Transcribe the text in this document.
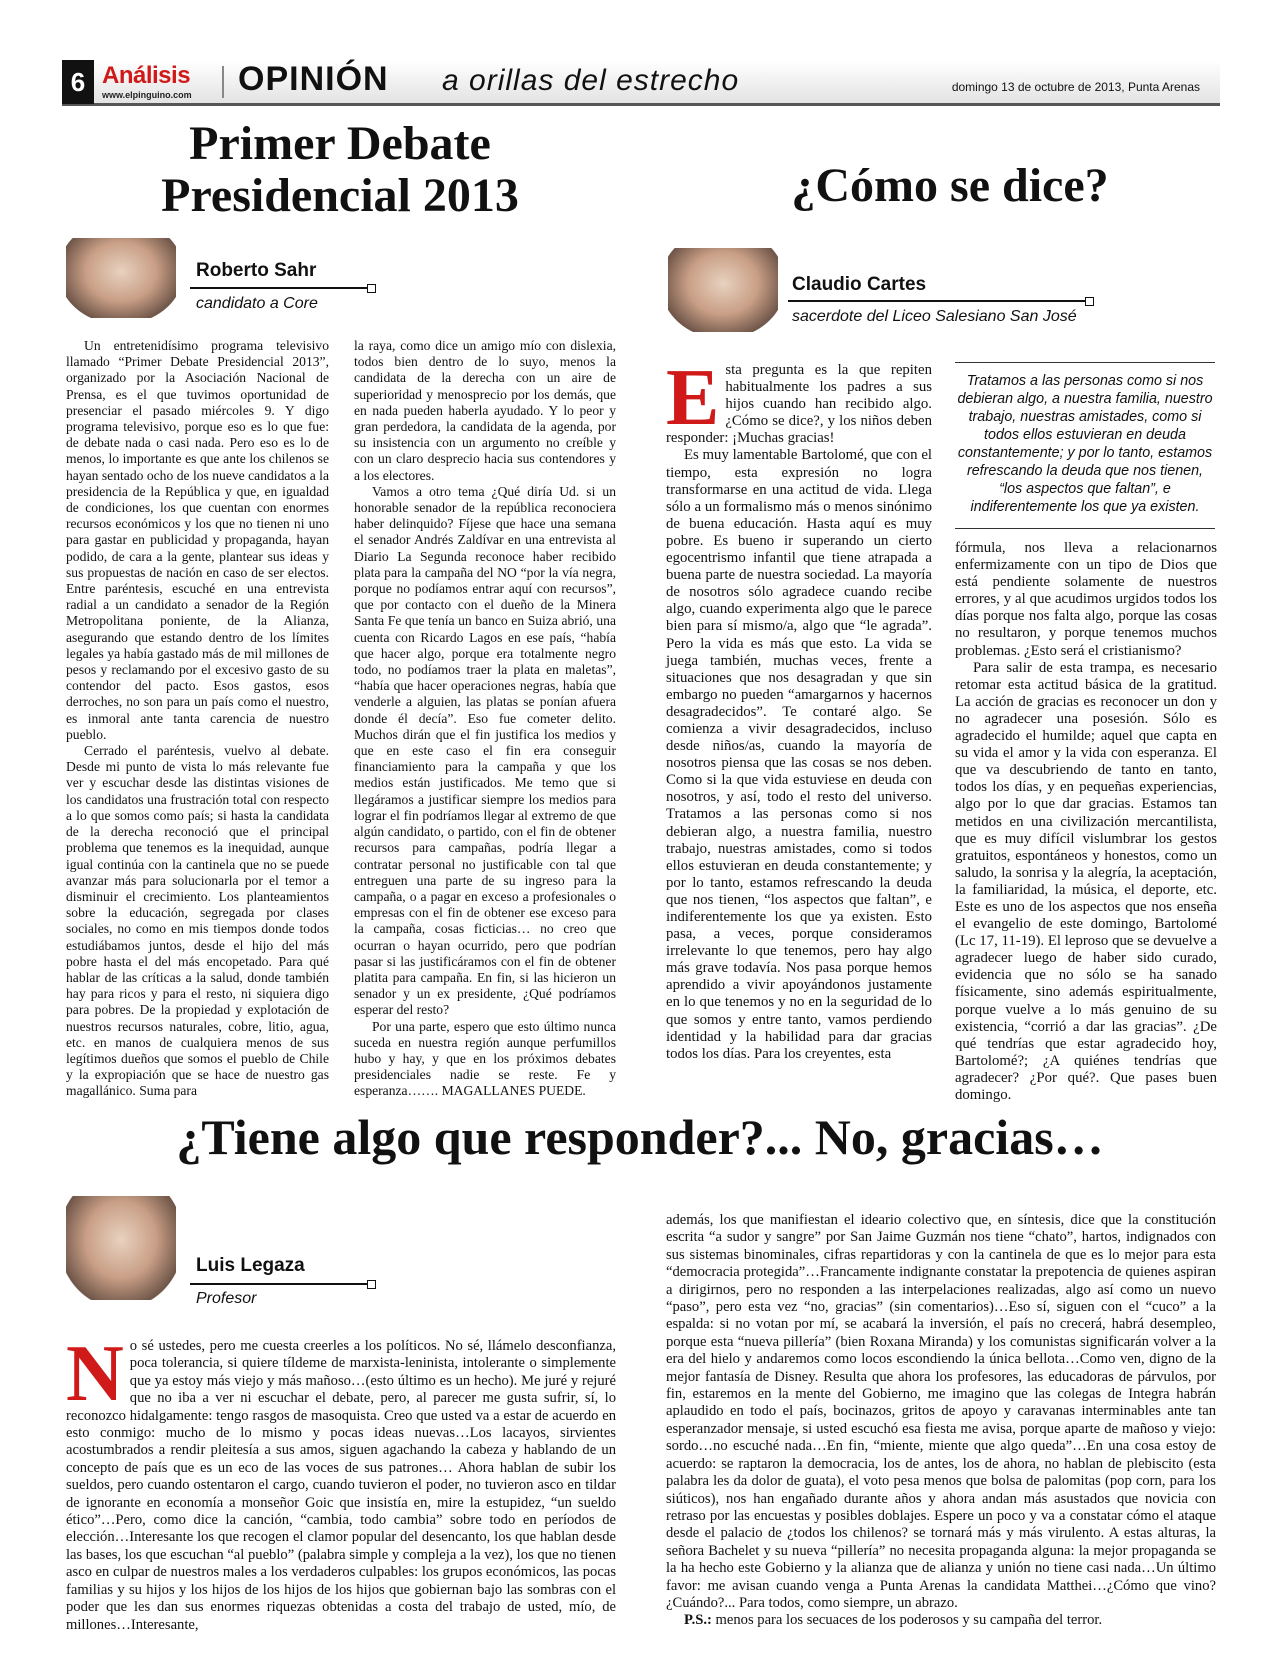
6 Análisis
www.elpinguino.com OPINIÓN a orillas del estrecho	domingo 13 de octubre de 2013, Punta Arenas
Primer Debate Presidencial 2013
Roberto Sahr
candidato a Core

Un entretenidísimo programa televisivo llamado “Primer Debate Presidencial 2013”, organizado por la Asociación Nacional de Prensa, es el que tuvimos oportunidad de presenciar el pasado miércoles 9. Y digo programa televisivo, porque eso es lo que fue: de debate nada o casi nada. Pero eso es lo de menos, lo importante es que ante los chilenos se hayan sentado ocho de los nueve candidatos a la presidencia de la República y que, en igualdad de condiciones, los que cuentan con enormes recursos económicos y los que no tienen ni uno para gastar en publicidad y propaganda, hayan podido, de cara a la gente, plantear sus ideas y sus propuestas de nación en caso de ser electos. Entre paréntesis, escuché en una entrevista radial a un candidato a senador de la Región Metropolitana poniente, de la Alianza, asegurando que estando dentro de los límites legales ya había gastado más de mil millones de pesos y reclamando por el excesivo gasto de su contendor del pacto. Esos gastos, esos derroches, no son para un país como el nuestro, es inmoral ante tanta carencia de nuestro pueblo.

Cerrado el paréntesis, vuelvo al debate. Desde mi punto de vista lo más relevante fue ver y escuchar desde las distintas visiones de los candidatos una frustración total con respecto a lo que somos como país; si hasta la candidata de la derecha reconoció que el principal problema que tenemos es la inequidad, aunque igual continúa con la cantinela que no se puede avanzar más para solucionarla por el temor a disminuir el crecimiento. Los planteamientos sobre la educación, segregada por clases sociales, no como en mis tiempos donde todos estudiábamos juntos, desde el hijo del más pobre hasta el del más encopetado. Para qué hablar de las críticas a la salud, donde también hay para ricos y para el resto, ni siquiera digo para pobres. De la propiedad y explotación de nuestros recursos naturales, cobre, litio, agua, etc. en manos de cualquiera menos de sus legítimos dueños que somos el pueblo de Chile y la expropiación que se hace de nuestro gas magallánico. Suma para

la raya, como dice un amigo mío con dislexia, todos bien dentro de lo suyo, menos la candidata de la derecha con un aire de superioridad y menosprecio por los demás, que en nada pueden haberla ayudado. Y lo peor y gran perdedora, la candidata de la agenda, por su insistencia con un argumento no creíble y con un claro desprecio hacia sus contendores y a los electores.

Vamos a otro tema ¿Qué diría Ud. si un honorable senador de la república reconociera haber delinquido? Fíjese que hace una semana el senador Andrés Zaldívar en una entrevista al Diario La Segunda reconoce haber recibido plata para la campaña del NO “por la vía negra, porque no podíamos entrar aquí con recursos”, que por contacto con el dueño de la Minera Santa Fe que tenía un banco en Suiza abrió, una cuenta con Ricardo Lagos en ese país, “había que hacer algo, porque era totalmente negro todo, no podíamos traer la plata en maletas”, “había que hacer operaciones negras, había que venderle a alguien, las platas se ponían afuera donde él decía”. Eso fue cometer delito. Muchos dirán que el fin justifica los medios y que en este caso el fin era conseguir financiamiento para la campaña y que los medios están justificados. Me temo que si llegáramos a justificar siempre los medios para lograr el fin podríamos llegar al extremo de que algún candidato, o partido, con el fin de obtener recursos para campañas, podría llegar a contratar personal no justificable con tal que entreguen una parte de su ingreso para la campaña, o a pagar en exceso a profesionales o empresas con el fin de obtener ese exceso para la campaña, cosas ficticias… no creo que ocurran o hayan ocurrido, pero que podrían pasar si las justificáramos con el fin de obtener platita para campaña. En fin, si las hicieron un senador y un ex presidente, ¿Qué podríamos esperar del resto?

Por una parte, espero que esto último nunca suceda en nuestra región aunque perfumillos hubo y hay, y que en los próximos debates presidenciales nadie se reste. Fe y esperanza……. MAGALLANES PUEDE.

¿Cómo se dice?
Claudio Cartes
sacerdote del Liceo Salesiano San José

Esta pregunta es la que repiten habitualmente los padres a sus hijos cuando han recibido algo. ¿Cómo se dice?, y los niños deben responder: ¡Muchas gracias!

Es muy lamentable Bartolomé, que con el tiempo, esta expresión no logra transformarse en una actitud de vida. Llega sólo a un formalismo más o menos sinónimo de buena educación. Hasta aquí es muy pobre. Es bueno ir superando un cierto egocentrismo infantil que tiene atrapada a buena parte de nuestra sociedad. La mayoría de nosotros sólo agradece cuando recibe algo, cuando experimenta algo que le parece bien para sí mismo/a, algo que “le agrada”. Pero la vida es más que esto. La vida se juega también, muchas veces, frente a situaciones que nos desagradan y que sin embargo no pueden “amargarnos y hacernos desagradecidos”. Te contaré algo. Se comienza a vivir desagradecidos, incluso desde niños/as, cuando la mayoría de nosotros piensa que las cosas se nos deben. Como si la que vida estuviese en deuda con nosotros, y así, todo el resto del universo. Tratamos a las personas como si nos debieran algo, a nuestra familia, nuestro trabajo, nuestras amistades, como si todos ellos estuvieran en deuda constantemente; y por lo tanto, estamos refrescando la deuda que nos tienen, “los aspectos que faltan”, e indiferentemente los que ya existen. Esto pasa, a veces, porque consideramos irrelevante lo que tenemos, pero hay algo más grave todavía. Nos pasa porque hemos aprendido a vivir apoyándonos justamente en lo que tenemos y no en la seguridad de lo que somos y entre tanto, vamos perdiendo identidad y la habilidad para dar gracias todos los días. Para los creyentes, esta

Tratamos a las personas como si nos debieran algo, a nuestra familia, nuestro trabajo, nuestras amistades, como si todos ellos estuvieran en deuda constantemente; y por lo tanto, estamos refrescando la deuda que nos tienen, “los aspectos que faltan”, e indiferentemente los que ya existen.

fórmula, nos lleva a relacionarnos enfermizamente con un tipo de Dios que está pendiente solamente de nuestros errores, y al que acudimos urgidos todos los días porque nos falta algo, porque las cosas no resultaron, y porque tenemos muchos problemas. ¿Esto será el cristianismo?

Para salir de esta trampa, es necesario retomar esta actitud básica de la gratitud. La acción de gracias es reconocer un don y no agradecer una posesión. Sólo es agradecido el humilde; aquel que capta en su vida el amor y la vida con esperanza. El que va descubriendo de tanto en tanto, todos los días, y en pequeñas experiencias, algo por lo que dar gracias. Estamos tan metidos en una civilización mercantilista, que es muy difícil vislumbrar los gestos gratuitos, espontáneos y honestos, como un saludo, la sonrisa y la alegría, la aceptación, la familiaridad, la música, el deporte, etc. Este es uno de los aspectos que nos enseña el evangelio de este domingo, Bartolomé (Lc 17, 11-19). El leproso que se devuelve a agradecer luego de haber sido curado, evidencia que no sólo se ha sanado físicamente, sino además espiritualmente, porque vuelve a lo más genuino de su existencia, “corrió a dar las gracias”. ¿De qué tendrías que estar agradecido hoy, Bartolomé?; ¿A quiénes tendrías que agradecer? ¿Por qué?. Que pases buen domingo.

¿Tiene algo que responder?... No, gracias…
Luis Legaza
Profesor

No sé ustedes, pero me cuesta creerles a los políticos. No sé, llámelo desconfianza, poca tolerancia, si quiere tíldeme de marxista-leninista, intolerante o simplemente que ya estoy más viejo y más mañoso…(esto último es un hecho). Me juré y rejuré que no iba a ver ni escuchar el debate, pero, al parecer me gusta sufrir, sí, lo reconozco hidalgamente: tengo rasgos de masoquista. Creo que usted va a estar de acuerdo en esto conmigo: mucho de lo mismo y pocas ideas nuevas…Los lacayos, sirvientes acostumbrados a rendir pleitesía a sus amos, siguen agachando la cabeza y hablando de un concepto de país que es un eco de las voces de sus patrones… Ahora hablan de subir los sueldos, pero cuando ostentaron el cargo, cuando tuvieron el poder, no tuvieron asco en tildar de ignorante en economía a monseñor Goic que insistía en, mire la estupidez, “un sueldo ético”…Pero, como dice la canción, “cambia, todo cambia” sobre todo en períodos de elección…Interesante los que recogen el clamor popular del desencanto, los que hablan desde las bases, los que escuchan “al pueblo” (palabra simple y compleja a la vez), los que no tienen asco en culpar de nuestros males a los verdaderos culpables: los grupos económicos, las pocas familias y su hijos y los hijos de los hijos de los hijos que gobiernan bajo las sombras con el poder que les dan sus enormes riquezas obtenidas a costa del trabajo de usted, mío, de millones…Interesante,

además, los que manifiestan el ideario colectivo que, en síntesis, dice que la constitución escrita “a sudor y sangre” por San Jaime Guzmán nos tiene “chato”, hartos, indignados con sus sistemas binominales, cifras repartidoras y con la cantinela de que es lo mejor para esta “democracia protegida”…Francamente indignante constatar la prepotencia de quienes aspiran a dirigirnos, pero no responden a las interpelaciones realizadas, algo así como un nuevo “paso”, pero esta vez “no, gracias” (sin comentarios)…Eso sí, siguen con el “cuco” a la espalda: si no votan por mí, se acabará la inversión, el país no crecerá, habrá desempleo, porque esta “nueva pillería” (bien Roxana Miranda) y los comunistas significarán volver a la era del hielo y andaremos como locos escondiendo la única bellota…Como ven, digno de la mejor fantasía de Disney. Resulta que ahora los profesores, las educadoras de párvulos, por fin, estaremos en la mente del Gobierno, me imagino que las colegas de Integra habrán aplaudido en todo el país, bocinazos, gritos de apoyo y caravanas interminables ante tan esperanzador mensaje, si usted escuchó esa fiesta me avisa, porque aparte de mañoso y viejo: sordo…no escuché nada…En fin, “miente, miente que algo queda”…En una cosa estoy de acuerdo: se raptaron la democracia, los de antes, los de ahora, no hablan de plebiscito (esta palabra les da dolor de guata), el voto pesa menos que bolsa de palomitas (pop corn, para los siúticos), nos han engañado durante años y ahora andan más asustados que novicia con retraso por las encuestas y posibles doblajes. Espere un poco y va a constatar cómo el ataque desde el palacio de ¿todos los chilenos? se tornará más y más virulento. A estas alturas, la señora Bachelet y su nueva “pillería” no necesita propaganda alguna: la mejor propaganda se la ha hecho este Gobierno y la alianza que de alianza y unión no tiene casi nada…Un último favor: me avisan cuando venga a Punta Arenas la candidata Matthei…¿Cómo que vino? ¿Cuándo?... Para todos, como siempre, un abrazo.

P.S.: menos para los secuaces de los poderosos y su campaña del terror.
